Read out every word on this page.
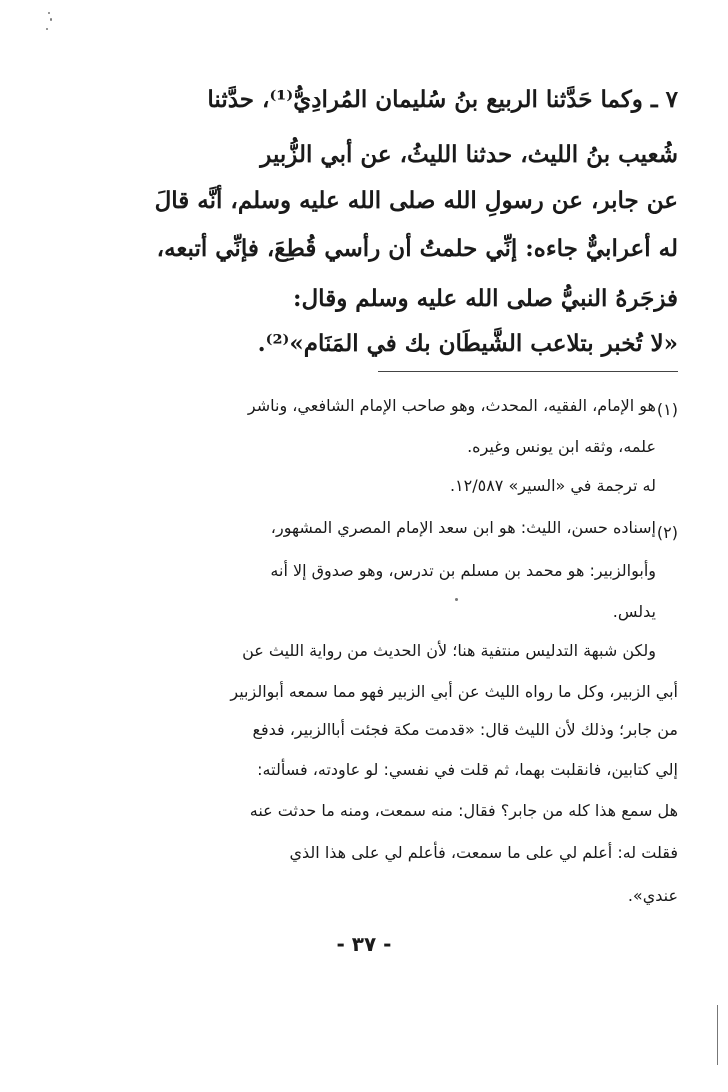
٧ ـ وكما حَدَّثنا الربيع بنُ سُليمان المُرادِيُّ⁽¹⁾، حدَّثنا
شُعيب بنُ الليث، حدثنا الليثُ، عن أبي الزُّبير
عن جابر، عن رسولِ الله صلى الله عليه وسلم، أنَّه قالَ
له أعرابيٌّ جاءه: إنِّي حلمتُ أن رأسي قُطِعَ، فإنِّي أتبعه،
فزجَرهُ النبيُّ صلى الله عليه وسلم وقال:
«لا تُخبر بتلاعب الشَّيطَان بك في المَنَام»⁽²⁾.
(١)
هو الإمام، الفقيه، المحدث، وهو صاحب الإمام الشافعي، وناشر
علمه، وثقه ابن يونس وغيره.
له ترجمة في «السير» ١٢/٥٨٧.
(٢)
إسناده حسن، الليث: هو ابن سعد الإمام المصري المشهور،
وأبوالزبير: هو محمد بن مسلم بن تدرس، وهو صدوق إلا أنه
يدلس.
ولكن شبهة التدليس منتفية هنا؛ لأن الحديث من رواية الليث عن
أبي الزبير، وكل ما رواه الليث عن أبي الزبير فهو مما سمعه أبوالزبير
من جابر؛ وذلك لأن الليث قال: «قدمت مكة فجئت أباالزبير، فدفع
إلي كتابين، فانقلبت بهما، ثم قلت في نفسي: لو عاودته، فسألته:
هل سمع هذا كله من جابر؟ فقال: منه سمعت، ومنه ما حدثت عنه
فقلت له: أعلم لي على ما سمعت، فأعلم لي على هذا الذي
عندي».
- ٣٧ -
